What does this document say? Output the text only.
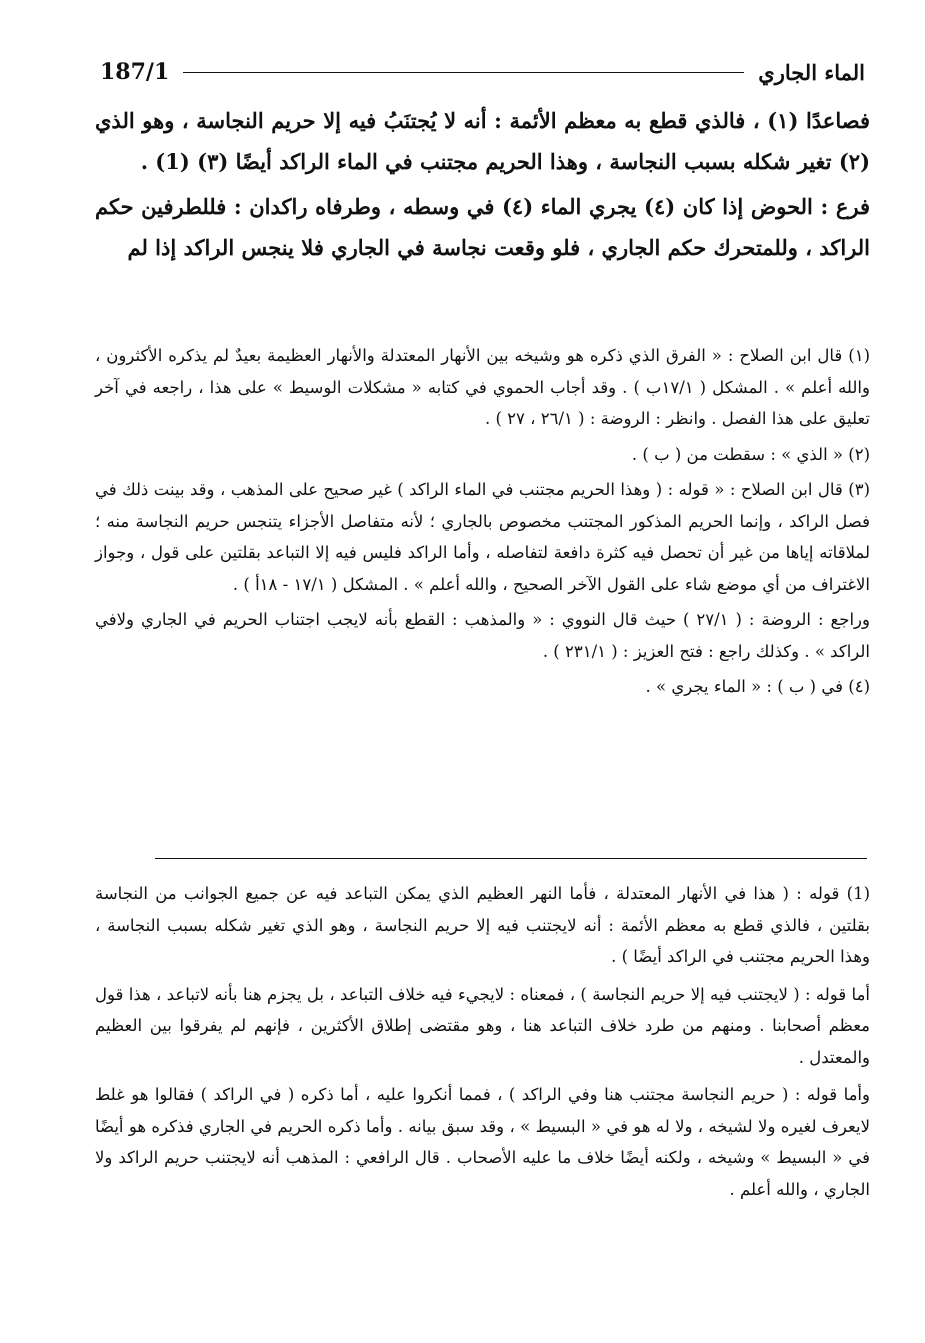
187/1	الماء الجاري

فصاعدًا (١) ، فالذي قطع به معظم الأئمة : أنه لا يُجتنَبُ فيه إلا حريم النجاسة ، وهو الذي (٢) تغير شكله بسبب النجاسة ، وهذا الحريم مجتنب في الماء الراكد أيضًا (٣) (1) .

فرع : الحوض إذا كان (٤) يجري الماء (٤) في وسطه ، وطرفاه راكدان : فللطرفين حكم الراكد ، وللمتحرك حكم الجاري ، فلو وقعت نجاسة في الجاري فلا ينجس الراكد إذا لم

(١) قال ابن الصلاح : « الفرق الذي ذكره هو وشيخه بين الأنهار المعتدلة والأنهار العظيمة بعيدٌ لم يذكره الأكثرون ، والله أعلم » . المشكل ( ١٧/١ب ) . وقد أجاب الحموي في كتابه « مشكلات الوسيط » على هذا ، راجعه في آخر تعليق على هذا الفصل . وانظر : الروضة : ( ٢٦/١ ، ٢٧ ) .

(٢) « الذي » : سقطت من ( ب ) .

(٣) قال ابن الصلاح : « قوله : ( وهذا الحريم مجتنب في الماء الراكد ) غير صحيح على المذهب ، وقد بينت ذلك في فصل الراكد ، وإنما الحريم المذكور المجتنب مخصوص بالجاري ؛ لأنه متفاصل الأجزاء يتنجس حريم النجاسة منه ؛ لملاقاته إياها من غير أن تحصل فيه كثرة دافعة لتفاصله ، وأما الراكد فليس فيه إلا التباعد بقلتين على قول ، وجواز الاغتراف من أي موضع شاء على القول الآخر الصحيح ، والله أعلم » . المشكل ( ١٧/١ - ١٨أ ) .

وراجع : الروضة : ( ٢٧/١ ) حيث قال النووي : « والمذهب : القطع بأنه لايجب اجتناب الحريم في الجاري ولافي الراكد » . وكذلك راجع : فتح العزيز : ( ٢٣١/١ ) .

(٤) في ( ب ) : « الماء يجري » .

(1) قوله : ( هذا في الأنهار المعتدلة ، فأما النهر العظيم الذي يمكن التباعد فيه عن جميع الجوانب من النجاسة بقلتين ، فالذي قطع به معظم الأئمة : أنه لايجتنب فيه إلا حريم النجاسة ، وهو الذي تغير شكله بسبب النجاسة ، وهذا الحريم مجتنب في الراكد أيضًا ) .

أما قوله : ( لايجتنب فيه إلا حريم النجاسة ) ، فمعناه : لايجيء فيه خلاف التباعد ، بل يجزم هنا بأنه لاتباعد ، هذا قول معظم أصحابنا . ومنهم من طرد خلاف التباعد هنا ، وهو مقتضى إطلاق الأكثرين ، فإنهم لم يفرقوا بين العظيم والمعتدل .

وأما قوله : ( حريم النجاسة مجتنب هنا وفي الراكد ) ، فمما أنكروا عليه ، أما ذكره ( في الراكد ) فقالوا هو غلط لايعرف لغيره ولا لشيخه ، ولا له هو في « البسيط » ، وقد سبق بيانه . وأما ذكره الحريم في الجاري فذكره هو أيضًا في « البسيط » وشيخه ، ولكنه أيضًا خلاف ما عليه الأصحاب . قال الرافعي : المذهب أنه لايجتنب حريم الراكد ولا الجاري ، والله أعلم .
